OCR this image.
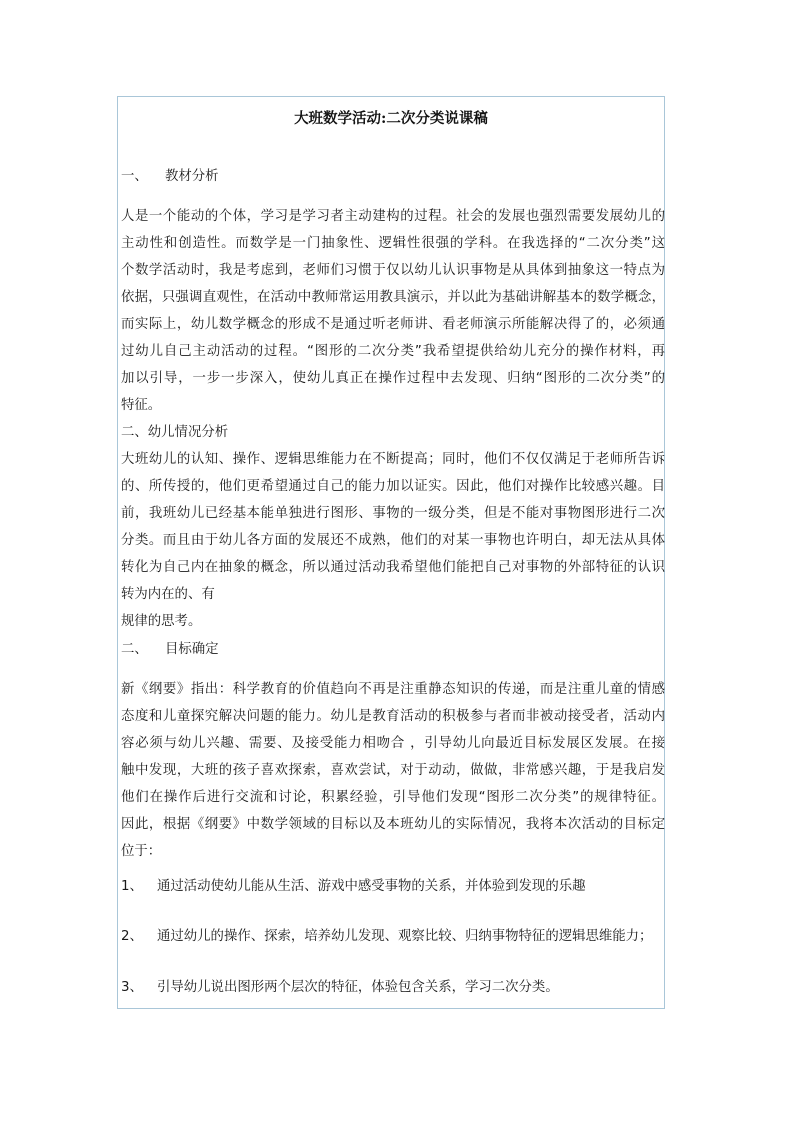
大班数学活动:二次分类说课稿
一、 教材分析
人是一个能动的个体，学习是学习者主动建构的过程。社会的发展也强烈需要发展幼儿的
主动性和创造性。而数学是一门抽象性、逻辑性很强的学科。在我选择的“二次分类”这
个数学活动时，我是考虑到，老师们习惯于仅以幼儿认识事物是从具体到抽象这一特点为
依据，只强调直观性，在活动中教师常运用教具演示，并以此为基础讲解基本的数学概念，
而实际上，幼儿数学概念的形成不是通过听老师讲、看老师演示所能解决得了的，必须通
过幼儿自己主动活动的过程。“图形的二次分类”我希望提供给幼儿充分的操作材料，再
加以引导，一步一步深入，使幼儿真正在操作过程中去发现、归纳“图形的二次分类”的
特征。
二、幼儿情况分析
大班幼儿的认知、操作、逻辑思维能力在不断提高；同时，他们不仅仅满足于老师所告诉
的、所传授的，他们更希望通过自己的能力加以证实。因此，他们对操作比较感兴趣。目
前，我班幼儿已经基本能单独进行图形、事物的一级分类，但是不能对事物图形进行二次
分类。而且由于幼儿各方面的发展还不成熟，他们的对某一事物也许明白，却无法从具体
转化为自己内在抽象的概念，所以通过活动我希望他们能把自己对事物的外部特征的认识
转为内在的、有
规律的思考。
二、 目标确定
新《纲要》指出：科学教育的价值趋向不再是注重静态知识的传递，而是注重儿童的情感
态度和儿童探究解决问题的能力。幼儿是教育活动的积极参与者而非被动接受者，活动内
容必须与幼儿兴趣、需要、及接受能力相吻合 ，引导幼儿向最近目标发展区发展。在接
触中发现，大班的孩子喜欢探索，喜欢尝试，对于动动，做做，非常感兴趣，于是我启发
他们在操作后进行交流和讨论，积累经验，引导他们发现“图形二次分类”的规律特征。
因此，根据《纲要》中数学领域的目标以及本班幼儿的实际情况，我将本次活动的目标定
位于：
1、 通过活动使幼儿能从生活、游戏中感受事物的关系，并体验到发现的乐趣
2、 通过幼儿的操作、探索，培养幼儿发现、观察比较、归纳事物特征的逻辑思维能力；
3、 引导幼儿说出图形两个层次的特征，体验包含关系，学习二次分类。
